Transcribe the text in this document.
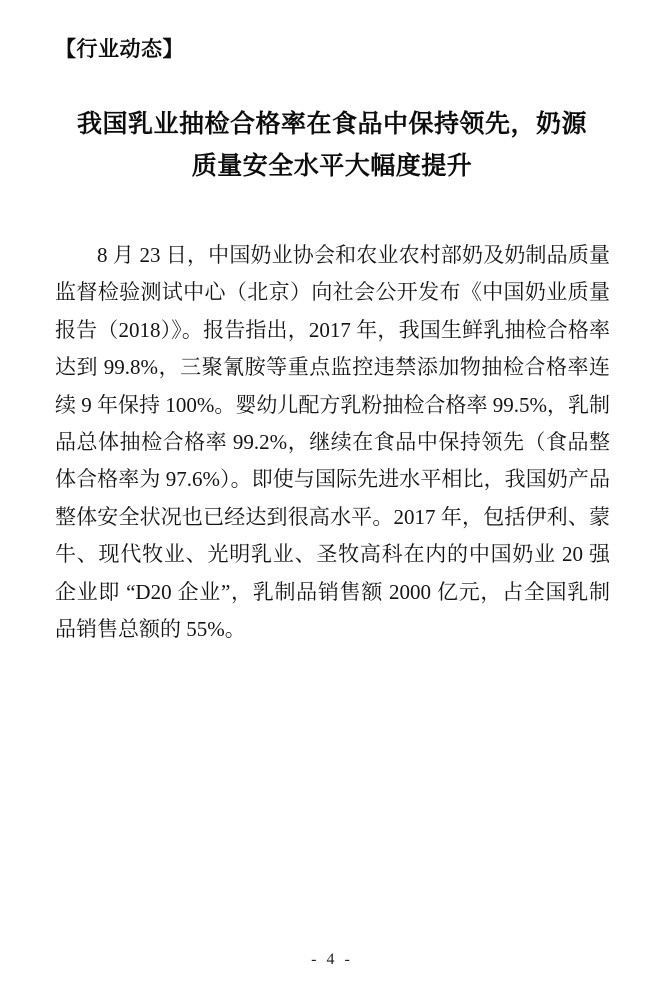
【行业动态】
我国乳业抽检合格率在食品中保持领先，奶源
质量安全水平大幅度提升
8 月 23 日，中国奶业协会和农业农村部奶及奶制品质量
监督检验测试中心（北京）向社会公开发布《中国奶业质量
报告（2018）》。报告指出，2017 年，我国生鲜乳抽检合格率
达到 99.8%，三聚氰胺等重点监控违禁添加物抽检合格率连
续 9 年保持 100%。婴幼儿配方乳粉抽检合格率 99.5%，乳制
品总体抽检合格率 99.2%，继续在食品中保持领先（食品整
体合格率为 97.6%）。即使与国际先进水平相比，我国奶产品
整体安全状况也已经达到很高水平。2017 年，包括伊利、蒙
牛、现代牧业、光明乳业、圣牧高科在内的中国奶业 20 强
企业即 “D20 企业”，乳制品销售额 2000 亿元，占全国乳制
品销售总额的 55%。
- 4 -
